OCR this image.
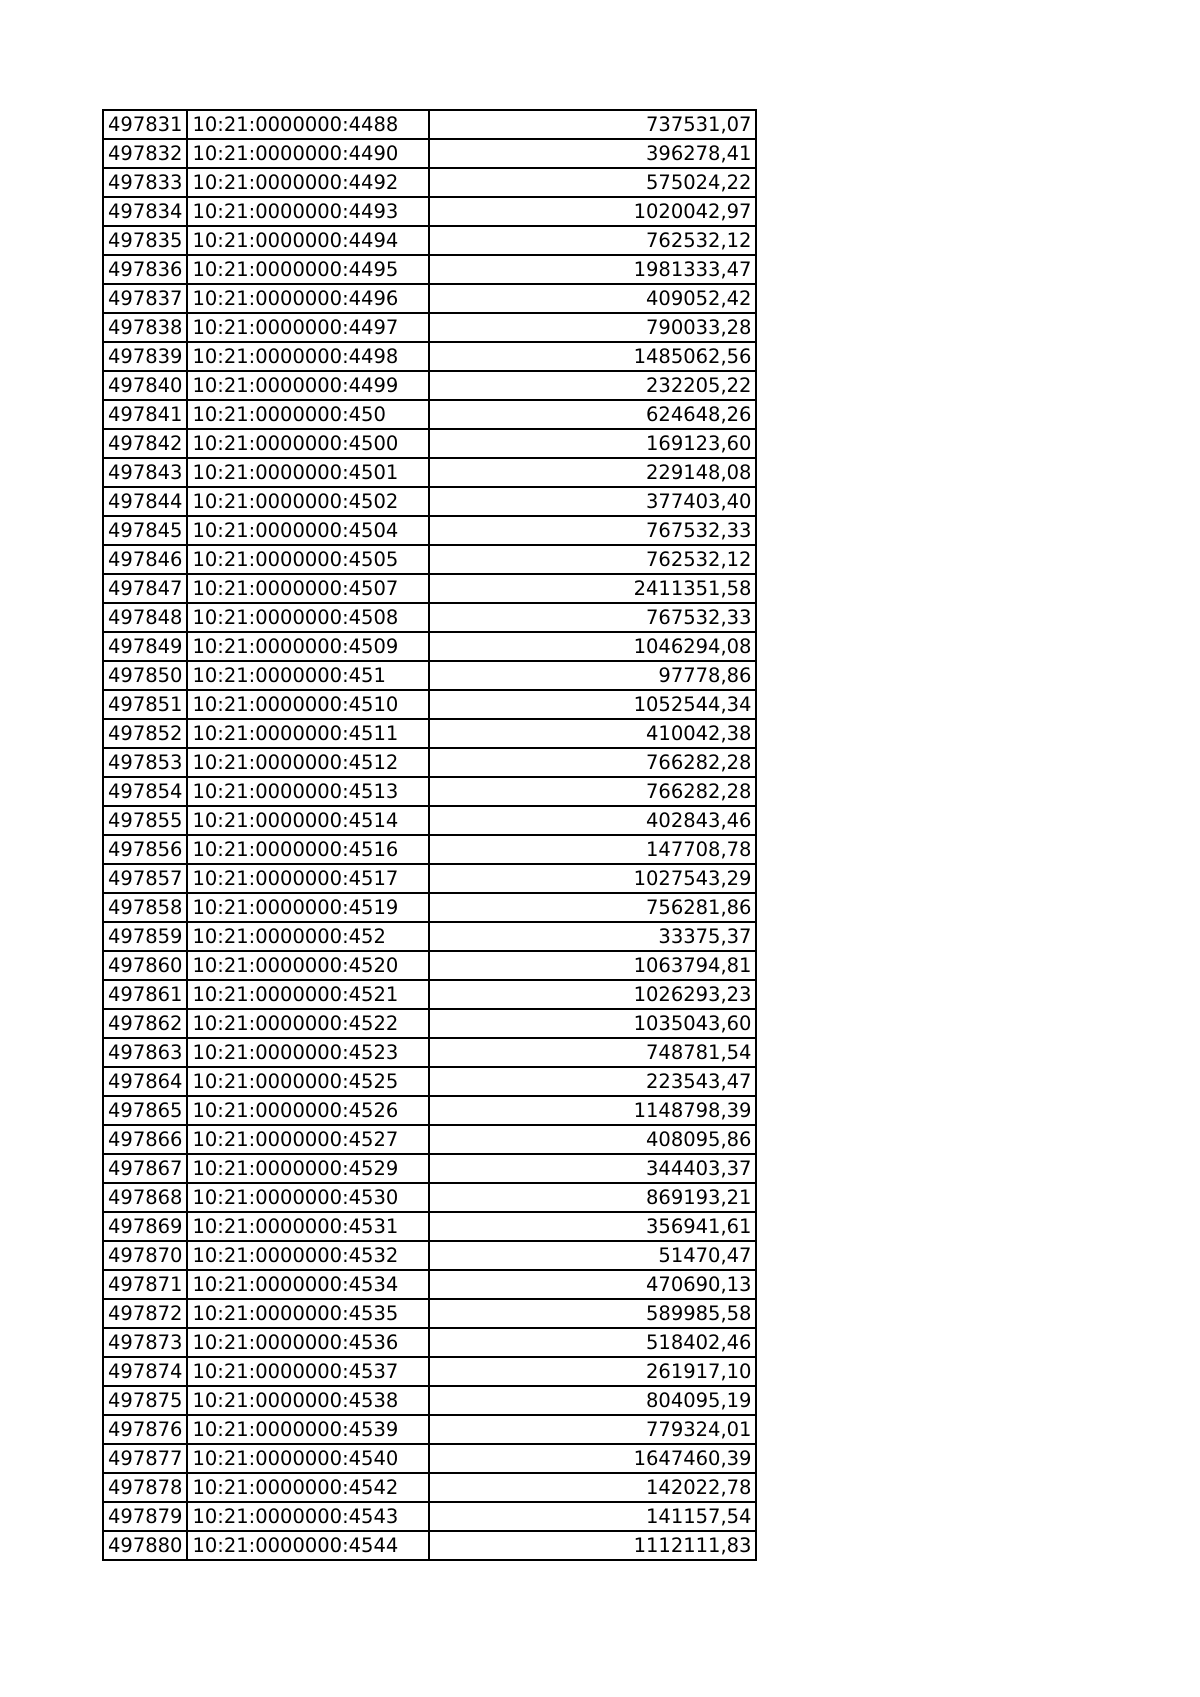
497831	10:21:0000000:4488	737531,07
497832	10:21:0000000:4490	396278,41
497833	10:21:0000000:4492	575024,22
497834	10:21:0000000:4493	1020042,97
497835	10:21:0000000:4494	762532,12
497836	10:21:0000000:4495	1981333,47
497837	10:21:0000000:4496	409052,42
497838	10:21:0000000:4497	790033,28
497839	10:21:0000000:4498	1485062,56
497840	10:21:0000000:4499	232205,22
497841	10:21:0000000:450	624648,26
497842	10:21:0000000:4500	169123,60
497843	10:21:0000000:4501	229148,08
497844	10:21:0000000:4502	377403,40
497845	10:21:0000000:4504	767532,33
497846	10:21:0000000:4505	762532,12
497847	10:21:0000000:4507	2411351,58
497848	10:21:0000000:4508	767532,33
497849	10:21:0000000:4509	1046294,08
497850	10:21:0000000:451	97778,86
497851	10:21:0000000:4510	1052544,34
497852	10:21:0000000:4511	410042,38
497853	10:21:0000000:4512	766282,28
497854	10:21:0000000:4513	766282,28
497855	10:21:0000000:4514	402843,46
497856	10:21:0000000:4516	147708,78
497857	10:21:0000000:4517	1027543,29
497858	10:21:0000000:4519	756281,86
497859	10:21:0000000:452	33375,37
497860	10:21:0000000:4520	1063794,81
497861	10:21:0000000:4521	1026293,23
497862	10:21:0000000:4522	1035043,60
497863	10:21:0000000:4523	748781,54
497864	10:21:0000000:4525	223543,47
497865	10:21:0000000:4526	1148798,39
497866	10:21:0000000:4527	408095,86
497867	10:21:0000000:4529	344403,37
497868	10:21:0000000:4530	869193,21
497869	10:21:0000000:4531	356941,61
497870	10:21:0000000:4532	51470,47
497871	10:21:0000000:4534	470690,13
497872	10:21:0000000:4535	589985,58
497873	10:21:0000000:4536	518402,46
497874	10:21:0000000:4537	261917,10
497875	10:21:0000000:4538	804095,19
497876	10:21:0000000:4539	779324,01
497877	10:21:0000000:4540	1647460,39
497878	10:21:0000000:4542	142022,78
497879	10:21:0000000:4543	141157,54
497880	10:21:0000000:4544	1112111,83
